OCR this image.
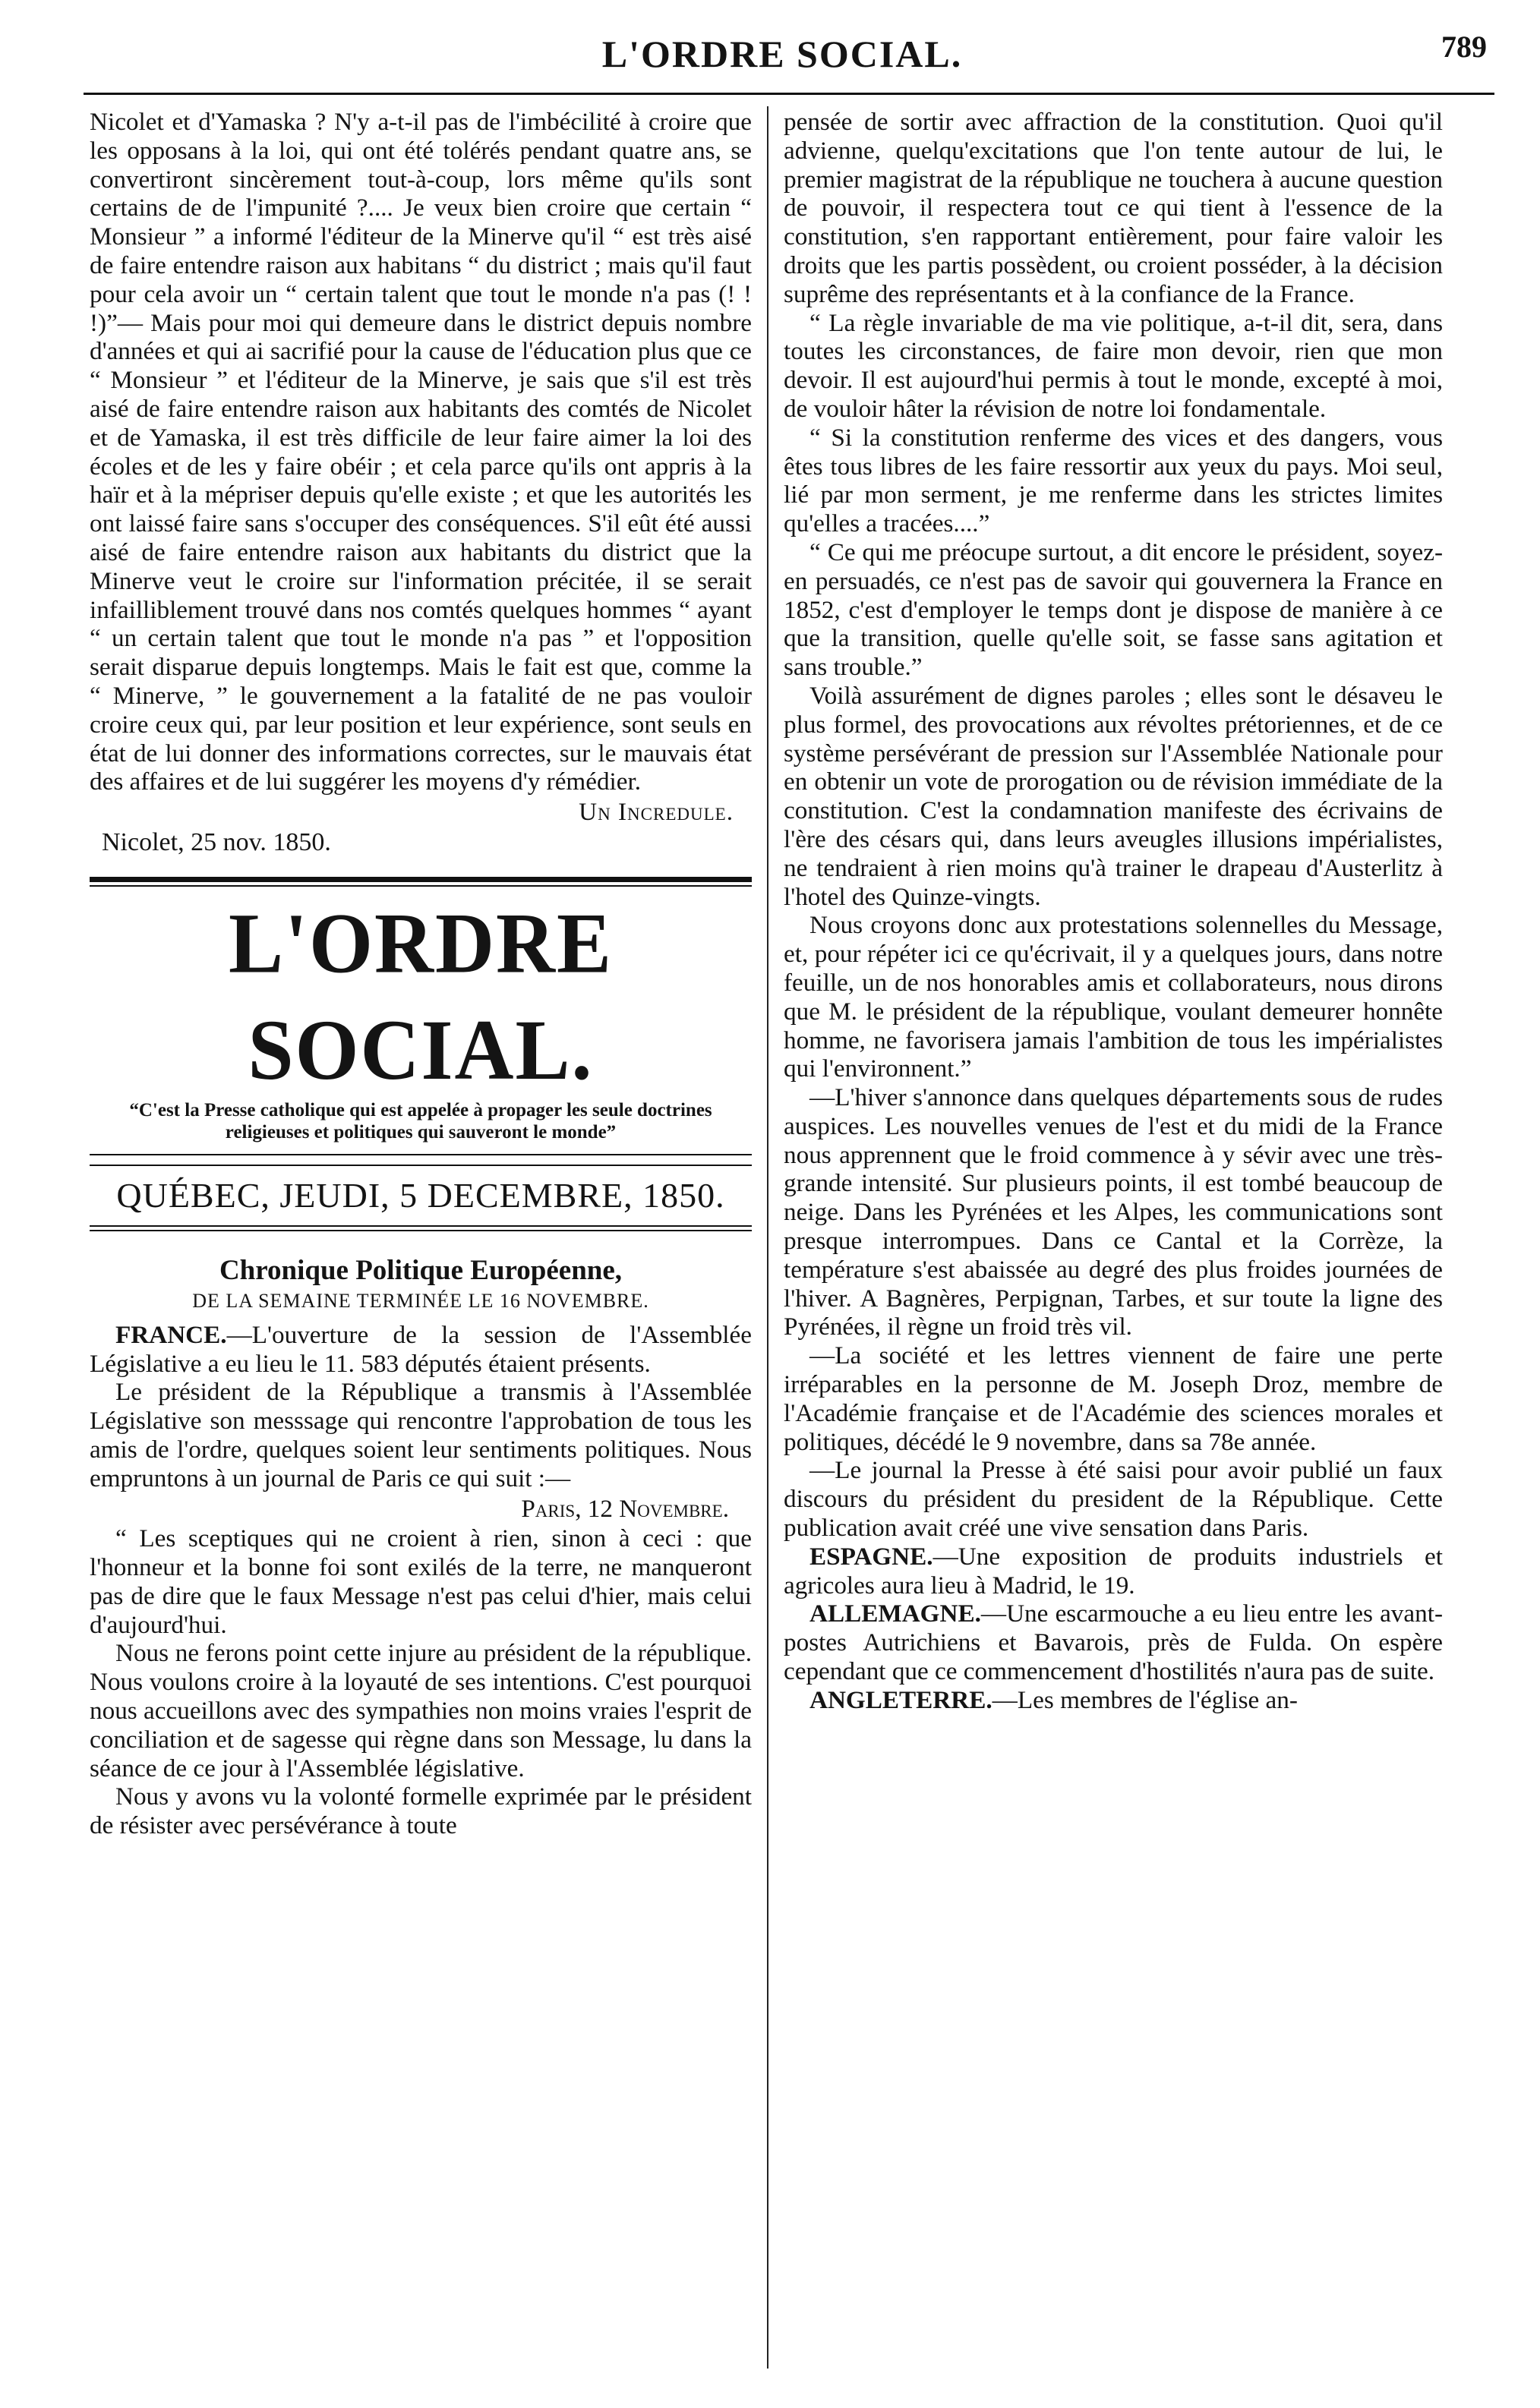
L'ORDRE SOCIAL.	789

Nicolet et d'Yamaska ? N'y a-t-il pas de l'imbécilité à croire que les opposans à la loi, qui ont été tolérés pendant quatre ans, se convertiront sincèrement tout-à-coup, lors même qu'ils sont certains de de l'impunité ?.... Je veux bien croire que certain “ Monsieur ” a informé l'éditeur de la Minerve qu'il “ est très aisé de faire entendre raison aux habitans “ du district ; mais qu'il faut pour cela avoir un “ certain talent que tout le monde n'a pas (! ! !)”— Mais pour moi qui demeure dans le district depuis nombre d'années et qui ai sacrifié pour la cause de l'éducation plus que ce “ Monsieur ” et l'éditeur de la Minerve, je sais que s'il est très aisé de faire entendre raison aux habitants des comtés de Nicolet et de Yamaska, il est très difficile de leur faire aimer la loi des écoles et de les y faire obéir ; et cela parce qu'ils ont appris à la haïr et à la mépriser depuis qu'elle existe ; et que les autorités les ont laissé faire sans s'occuper des conséquences. S'il eût été aussi aisé de faire entendre raison aux habitants du district que la Minerve veut le croire sur l'information précitée, il se serait infailliblement trouvé dans nos comtés quelques hommes “ ayant “ un certain talent que tout le monde n'a pas ” et l'opposition serait disparue depuis longtemps. Mais le fait est que, comme la “ Minerve, ” le gouvernement a la fatalité de ne pas vouloir croire ceux qui, par leur position et leur expérience, sont seuls en état de lui donner des informations correctes, sur le mauvais état des affaires et de lui suggérer les moyens d'y rémédier.

Un Incredule.

Nicolet, 25 nov. 1850.

L'ORDRE SOCIAL.
“C'est la Presse catholique qui est appelée à propager les seule doctrines religieuses et politiques qui sauveront le monde”
QUÉBEC, JEUDI, 5 DECEMBRE, 1850.
Chronique Politique Européenne,
DE LA SEMAINE TERMINÉE LE 16 NOVEMBRE.

FRANCE.—L'ouverture de la session de l'Assemblée Législative a eu lieu le 11. 583 députés étaient présents.

Le président de la République a transmis à l'Assemblée Législative son messsage qui rencontre l'approbation de tous les amis de l'ordre, quelques soient leur sentiments politiques. Nous empruntons à un journal de Paris ce qui suit :—

Paris, 12 Novembre.

“ Les sceptiques qui ne croient à rien, sinon à ceci : que l'honneur et la bonne foi sont exilés de la terre, ne manqueront pas de dire que le faux Message n'est pas celui d'hier, mais celui d'aujourd'hui.

Nous ne ferons point cette injure au président de la république. Nous voulons croire à la loyauté de ses intentions. C'est pourquoi nous accueillons avec des sympathies non moins vraies l'esprit de conciliation et de sagesse qui règne dans son Message, lu dans la séance de ce jour à l'Assemblée législative.

Nous y avons vu la volonté formelle exprimée par le président de résister avec persévérance à toute

pensée de sortir avec affraction de la constitution. Quoi qu'il advienne, quelqu'excitations que l'on tente autour de lui, le premier magistrat de la république ne touchera à aucune question de pouvoir, il respectera tout ce qui tient à l'essence de la constitution, s'en rapportant entièrement, pour faire valoir les droits que les partis possèdent, ou croient posséder, à la décision suprême des représentants et à la confiance de la France.

“ La règle invariable de ma vie politique, a-t-il dit, sera, dans toutes les circonstances, de faire mon devoir, rien que mon devoir. Il est aujourd'hui permis à tout le monde, excepté à moi, de vouloir hâter la révision de notre loi fondamentale.

“ Si la constitution renferme des vices et des dangers, vous êtes tous libres de les faire ressortir aux yeux du pays. Moi seul, lié par mon serment, je me renferme dans les strictes limites qu'elles a tracées....”

“ Ce qui me préocupe surtout, a dit encore le président, soyez-en persuadés, ce n'est pas de savoir qui gouvernera la France en 1852, c'est d'employer le temps dont je dispose de manière à ce que la transition, quelle qu'elle soit, se fasse sans agitation et sans trouble.”

Voilà assurément de dignes paroles ; elles sont le désaveu le plus formel, des provocations aux révoltes prétoriennes, et de ce système persévérant de pression sur l'Assemblée Nationale pour en obtenir un vote de prorogation ou de révision immédiate de la constitution. C'est la condamnation manifeste des écrivains de l'ère des césars qui, dans leurs aveugles illusions impérialistes, ne tendraient à rien moins qu'à trainer le drapeau d'Austerlitz à l'hotel des Quinze-vingts.

Nous croyons donc aux protestations solennelles du Message, et, pour répéter ici ce qu'écrivait, il y a quelques jours, dans notre feuille, un de nos honorables amis et collaborateurs, nous dirons que M. le président de la république, voulant demeurer honnête homme, ne favorisera jamais l'ambition de tous les impérialistes qui l'environnent.”

—L'hiver s'annonce dans quelques départements sous de rudes auspices. Les nouvelles venues de l'est et du midi de la France nous apprennent que le froid commence à y sévir avec une très-grande intensité. Sur plusieurs points, il est tombé beaucoup de neige. Dans les Pyrénées et les Alpes, les communications sont presque interrompues. Dans ce Cantal et la Corrèze, la température s'est abaissée au degré des plus froides journées de l'hiver. A Bagnères, Perpignan, Tarbes, et sur toute la ligne des Pyrénées, il règne un froid très vil.

—La société et les lettres viennent de faire une perte irréparables en la personne de M. Joseph Droz, membre de l'Académie française et de l'Académie des sciences morales et politiques, décédé le 9 novembre, dans sa 78e année.

—Le journal la Presse à été saisi pour avoir publié un faux discours du président du president de la République. Cette publication avait créé une vive sensation dans Paris.

ESPAGNE.—Une exposition de produits industriels et agricoles aura lieu à Madrid, le 19.

ALLEMAGNE.—Une escarmouche a eu lieu entre les avant-postes Autrichiens et Bavarois, près de Fulda. On espère cependant que ce commencement d'hostilités n'aura pas de suite.

ANGLETERRE.—Les membres de l'église an-
